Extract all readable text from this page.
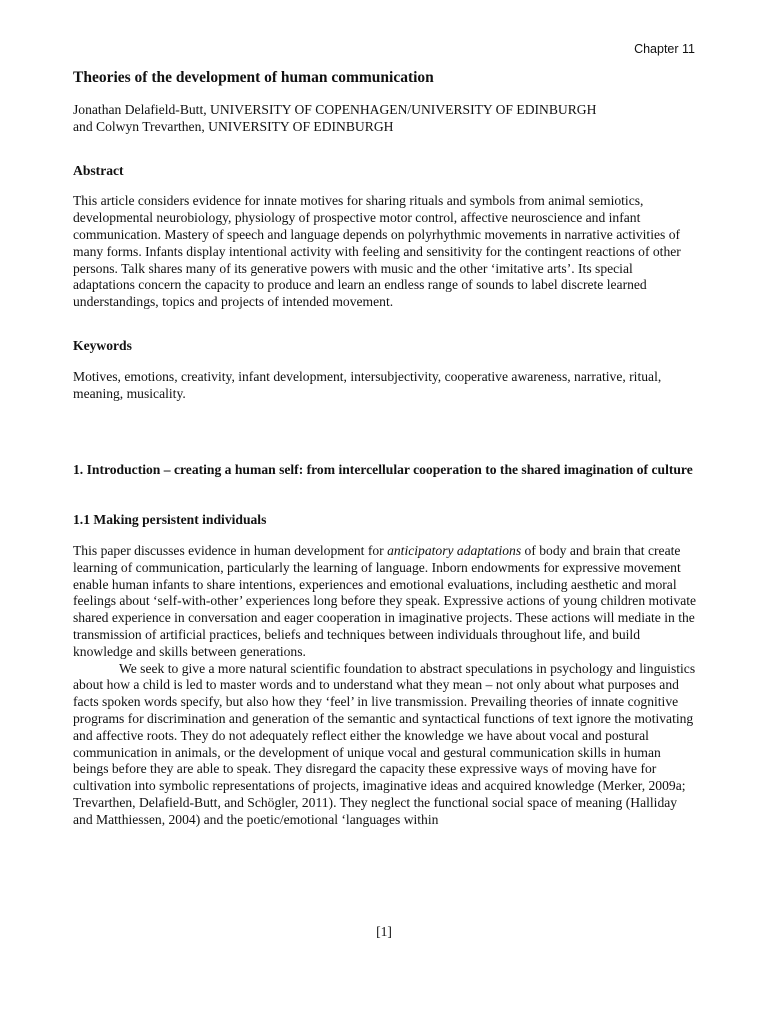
Chapter 11
Theories of the development of human communication

Jonathan Delafield-Butt, UNIVERSITY OF COPENHAGEN/UNIVERSITY OF EDINBURGH

and Colwyn Trevarthen, UNIVERSITY OF EDINBURGH

Abstract

This article considers evidence for innate motives for sharing rituals and symbols from animal semiotics, developmental neurobiology, physiology of prospective motor control, affective neuroscience and infant communication. Mastery of speech and language depends on polyrhythmic movements in narrative activities of many forms. Infants display intentional activity with feeling and sensitivity for the contingent reactions of other persons. Talk shares many of its generative powers with music and the other ‘imitative arts’. Its special adaptations concern the capacity to produce and learn an endless range of sounds to label discrete learned understandings, topics and projects of intended movement.

Keywords

Motives, emotions, creativity, infant development, intersubjectivity, cooperative awareness, narrative, ritual, meaning, musicality.

1. Introduction – creating a human self: from intercellular cooperation to the shared imagination of culture
1.1 Making persistent individuals

This paper discusses evidence in human development for anticipatory adaptations of body and brain that create learning of communication, particularly the learning of language. Inborn endowments for expressive movement enable human infants to share intentions, experiences and emotional evaluations, including aesthetic and moral feelings about ‘self-with-other’ experiences long before they speak. Expressive actions of young children motivate shared experience in conversation and eager cooperation in imaginative projects. These actions will mediate in the transmission of artificial practices, beliefs and techniques between individuals throughout life, and build knowledge and skills between generations.

We seek to give a more natural scientific foundation to abstract speculations in psychology and linguistics about how a child is led to master words and to understand what they mean – not only about what purposes and facts spoken words specify, but also how they ‘feel’ in live transmission. Prevailing theories of innate cognitive programs for discrimination and generation of the semantic and syntactical functions of text ignore the motivating and affective roots. They do not adequately reflect either the knowledge we have about vocal and postural communication in animals, or the development of unique vocal and gestural communication skills in human beings before they are able to speak. They disregard the capacity these expressive ways of moving have for cultivation into symbolic representations of projects, imaginative ideas and acquired knowledge (Merker, 2009a; Trevarthen, Delafield-Butt, and Schögler, 2011). They neglect the functional social space of meaning (Halliday and Matthiessen, 2004) and the poetic/emotional ‘languages within

[1]
